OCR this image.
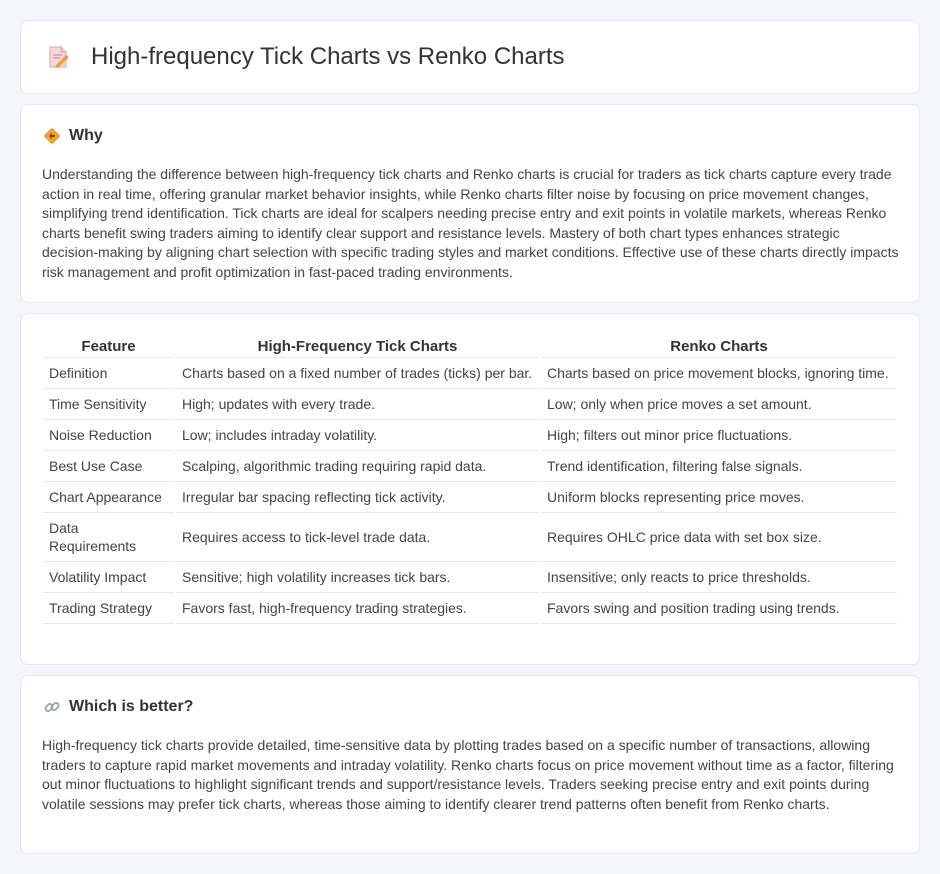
High-frequency Tick Charts vs Renko Charts
Why

Understanding the difference between high-frequency tick charts and Renko charts is crucial for traders as tick charts capture every trade action in real time, offering granular market behavior insights, while Renko charts filter noise by focusing on price movement changes, simplifying trend identification. Tick charts are ideal for scalpers needing precise entry and exit points in volatile markets, whereas Renko charts benefit swing traders aiming to identify clear support and resistance levels. Mastery of both chart types enhances strategic decision-making by aligning chart selection with specific trading styles and market conditions. Effective use of these charts directly impacts risk management and profit optimization in fast-paced trading environments.

Feature	High-Frequency Tick Charts	Renko Charts
Definition	Charts based on a fixed number of trades (ticks) per bar.	Charts based on price movement blocks, ignoring time.
Time Sensitivity	High; updates with every trade.	Low; only when price moves a set amount.
Noise Reduction	Low; includes intraday volatility.	High; filters out minor price fluctuations.
Best Use Case	Scalping, algorithmic trading requiring rapid data.	Trend identification, filtering false signals.
Chart Appearance	Irregular bar spacing reflecting tick activity.	Uniform blocks representing price moves.
Data Requirements	Requires access to tick-level trade data.	Requires OHLC price data with set box size.
Volatility Impact	Sensitive; high volatility increases tick bars.	Insensitive; only reacts to price thresholds.
Trading Strategy	Favors fast, high-frequency trading strategies.	Favors swing and position trading using trends.
Which is better?

High-frequency tick charts provide detailed, time-sensitive data by plotting trades based on a specific number of transactions, allowing traders to capture rapid market movements and intraday volatility. Renko charts focus on price movement without time as a factor, filtering out minor fluctuations to highlight significant trends and support/resistance levels. Traders seeking precise entry and exit points during volatile sessions may prefer tick charts, whereas those aiming to identify clearer trend patterns often benefit from Renko charts.
